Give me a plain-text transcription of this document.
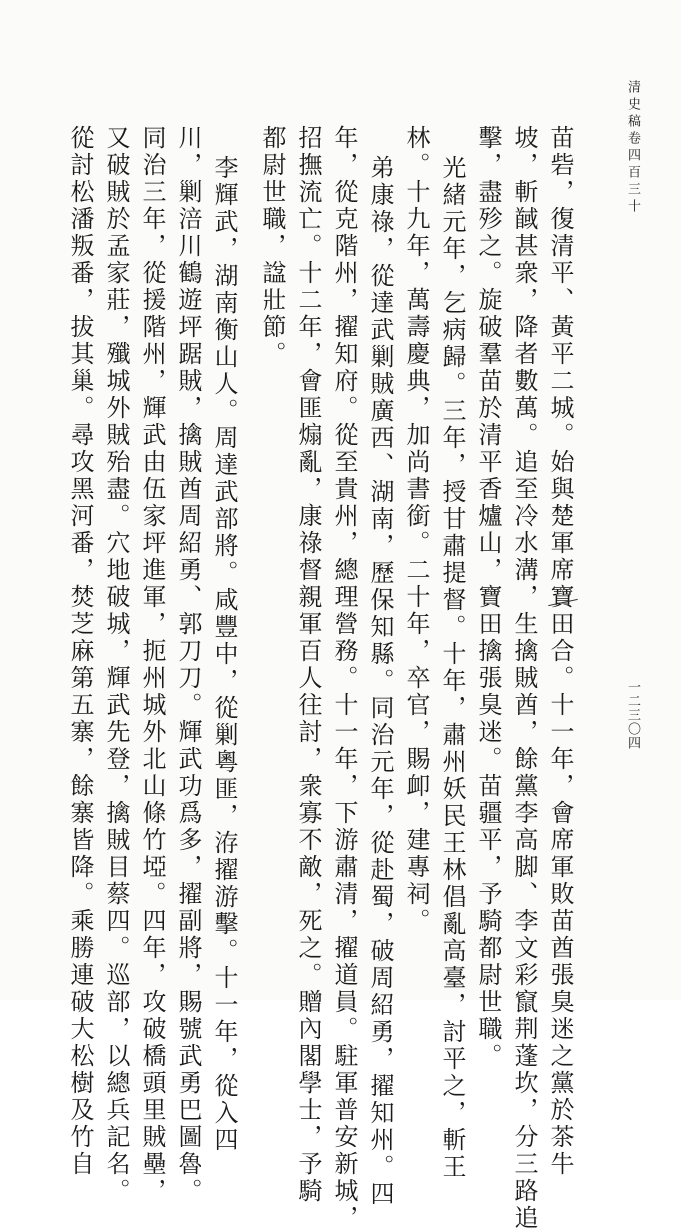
清史稿卷四百三十
一二三〇四
苗砦，復清平、黃平二城。始與楚軍席寶田合。十一年，會席軍敗苗酋張臭迷之黨於茶牛
坡，斬馘甚衆，降者數萬。追至冷水溝，生擒賊酋，餘黨李高脚、李文彩竄荆蓬坎，分三路追
擊，盡殄之。旋破羣苗於清平香爐山，寶田擒張臭迷。苗疆平，予騎都尉世職。
光緒元年，乞病歸。三年，授甘肅提督。十年，肅州妖民王林倡亂高臺，討平之，斬王
林。十九年，萬壽慶典，加尚書銜。二十年，卒官，賜卹，建專祠。
弟康祿，從達武剿賊廣西、湖南，歷保知縣。同治元年，從赴蜀，破周紹勇，擢知州。四
年，從克階州，擢知府。從至貴州，總理營務。十一年，下游肅清，擢道員。駐軍普安新城，
招撫流亡。十二年，會匪煽亂，康祿督親軍百人往討，衆寡不敵，死之。贈內閣學士，予騎
都尉世職，諡壯節。
李輝武，湖南衡山人。周達武部將。咸豐中，從剿粵匪，洊擢游擊。十一年，從入四
川，剿涪川鶴遊坪踞賊，擒賊酋周紹勇、郭刀刀。輝武功爲多，擢副將，賜號武勇巴圖魯。
同治三年，從援階州，輝武由伍家坪進軍，扼州城外北山條竹埡。四年，攻破橋頭里賊壘，
又破賊於孟家莊，殲城外賊殆盡。穴地破城，輝武先登，擒賊目蔡四。巡部，以總兵記名。
從討松潘叛番，拔其巢。尋攻黑河番，焚芝麻第五寨，餘寨皆降。乘勝連破大松樹及竹自
